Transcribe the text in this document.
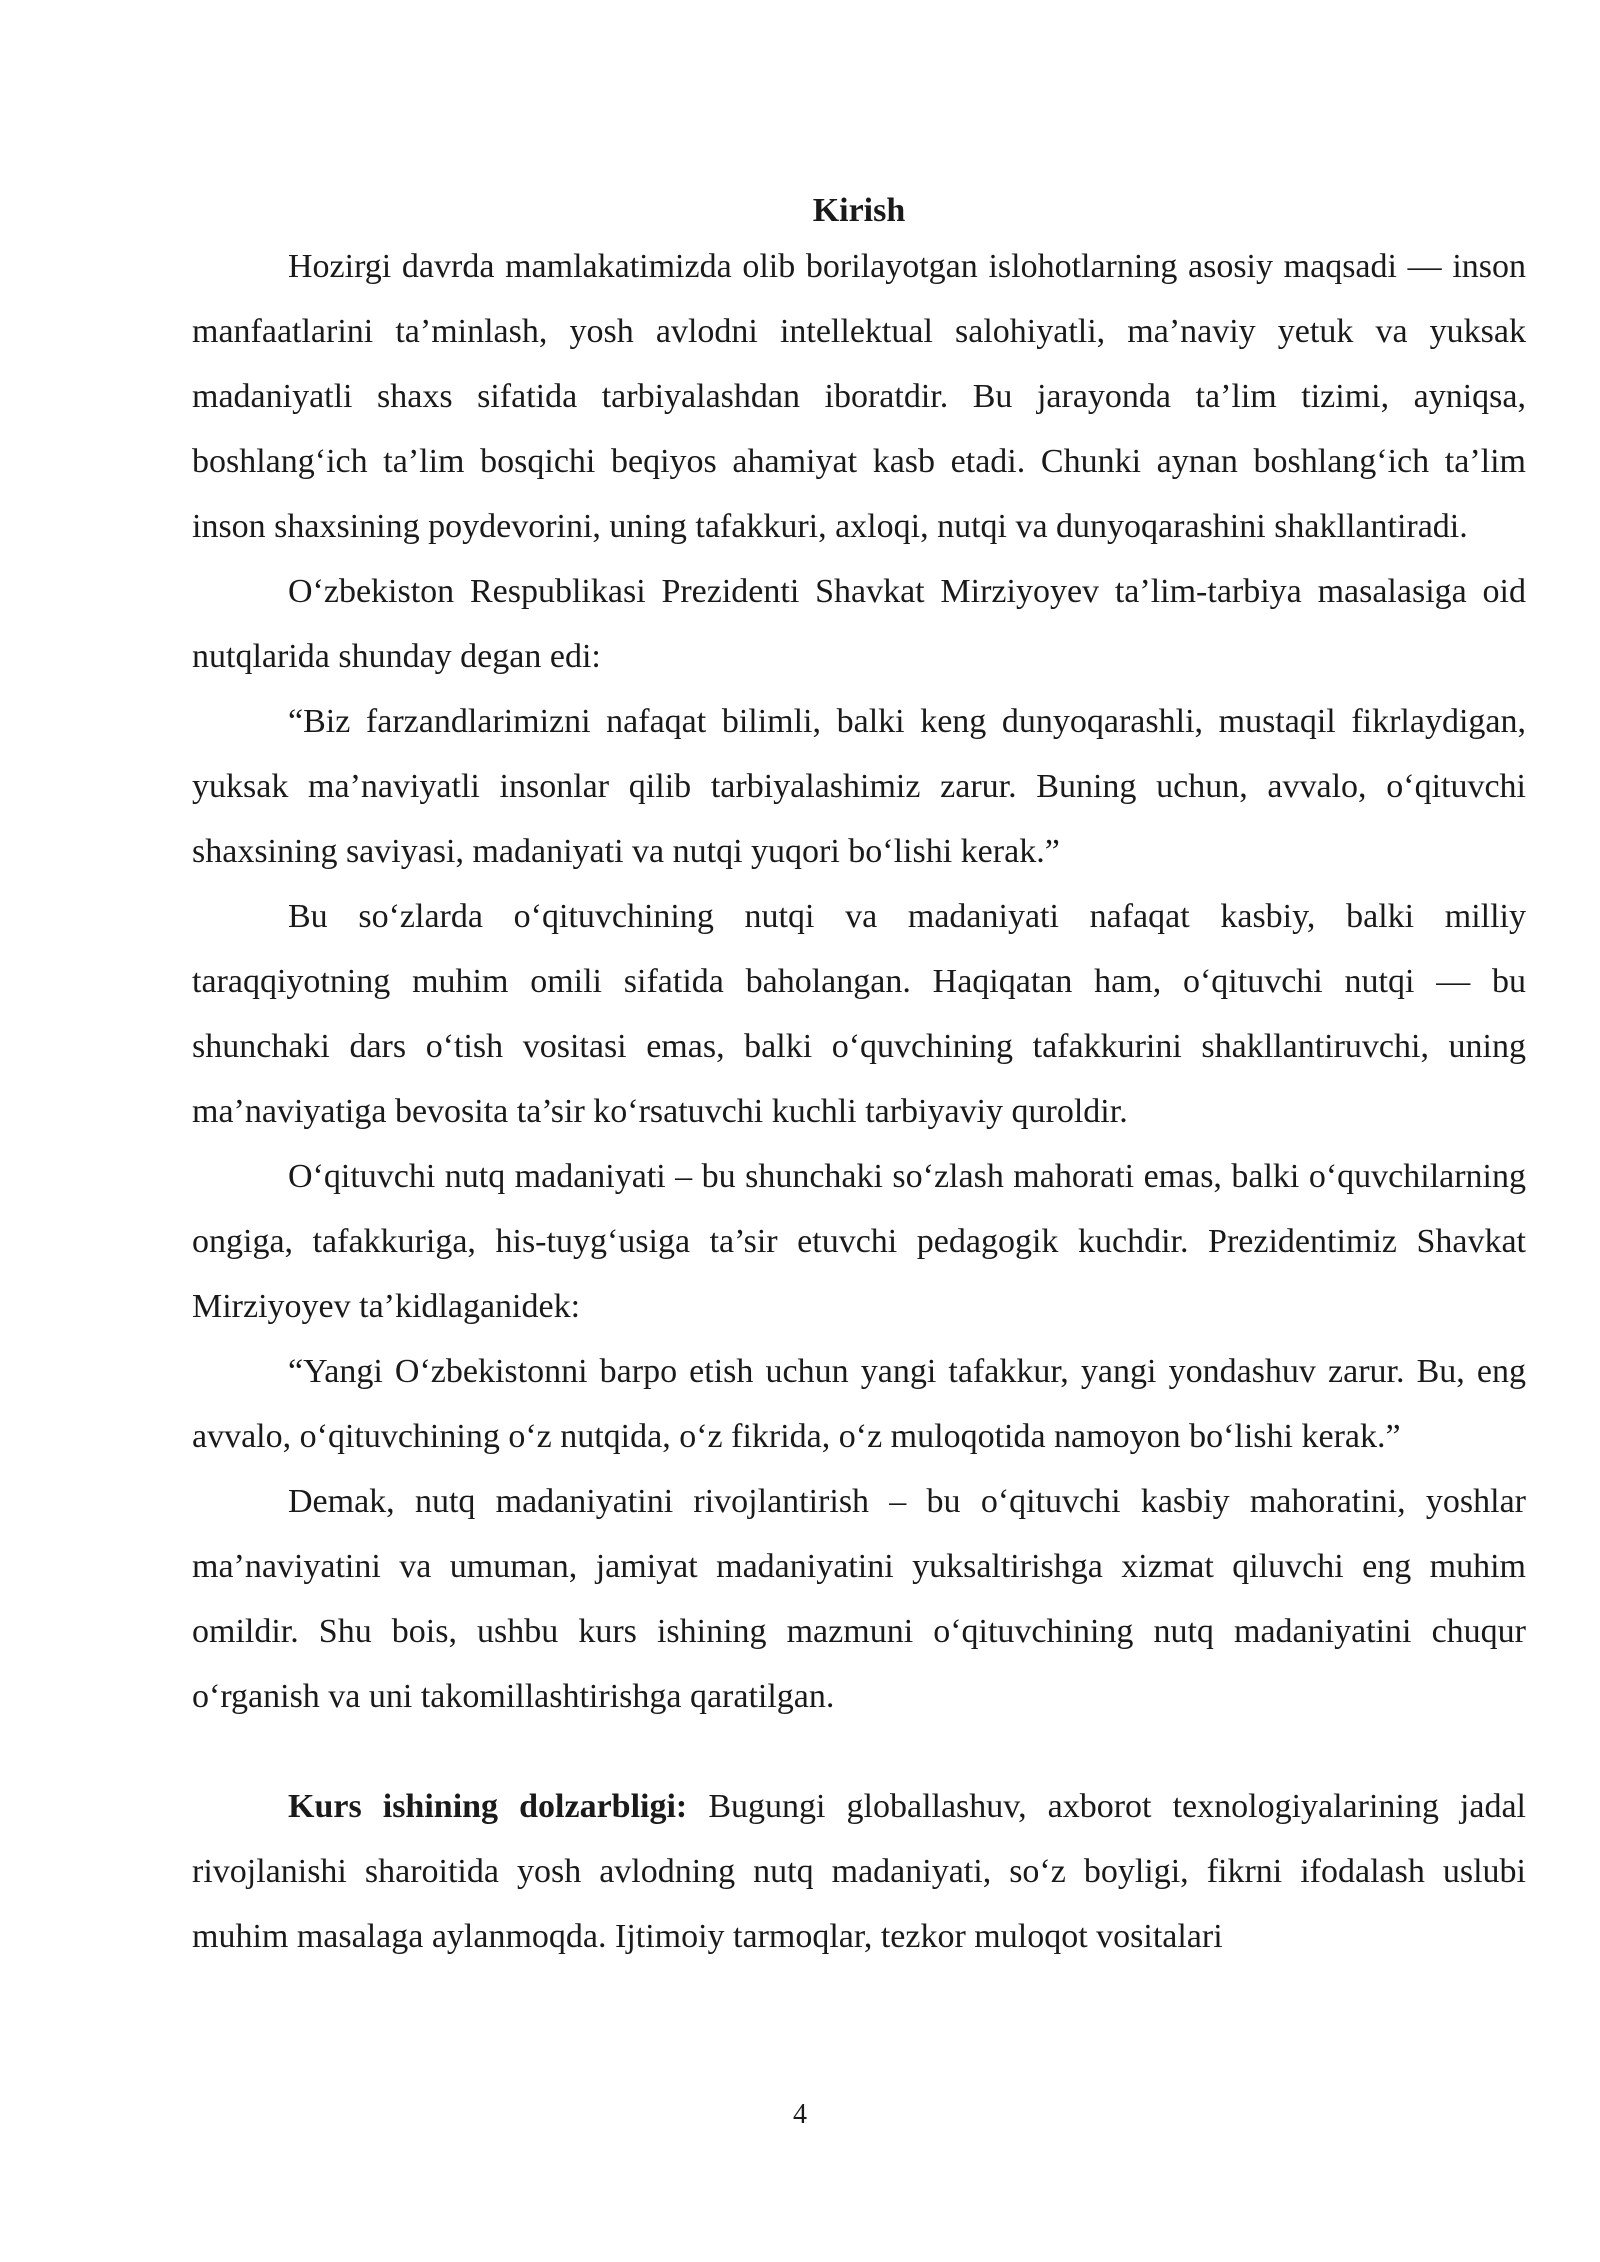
Kirish

Hozirgi davrda mamlakatimizda olib borilayotgan islohotlarning asosiy maqsadi — inson manfaatlarini ta’minlash, yosh avlodni intellektual salohiyatli, ma’naviy yetuk va yuksak madaniyatli shaxs sifatida tarbiyalashdan iboratdir. Bu jarayonda ta’lim tizimi, ayniqsa, boshlang‘ich ta’lim bosqichi beqiyos ahamiyat kasb etadi. Chunki aynan boshlang‘ich ta’lim inson shaxsining poydevorini, uning tafakkuri, axloqi, nutqi va dunyoqarashini shakllantiradi.

O‘zbekiston Respublikasi Prezidenti Shavkat Mirziyoyev ta’lim-tarbiya masalasiga oid nutqlarida shunday degan edi:

“Biz farzandlarimizni nafaqat bilimli, balki keng dunyoqarashli, mustaqil fikrlaydigan, yuksak ma’naviyatli insonlar qilib tarbiyalashimiz zarur. Buning uchun, avvalo, o‘qituvchi shaxsining saviyasi, madaniyati va nutqi yuqori bo‘lishi kerak.”

Bu so‘zlarda o‘qituvchining nutqi va madaniyati nafaqat kasbiy, balki milliy taraqqiyotning muhim omili sifatida baholangan. Haqiqatan ham, o‘qituvchi nutqi — bu shunchaki dars o‘tish vositasi emas, balki o‘quvchining tafakkurini shakllantiruvchi, uning ma’naviyatiga bevosita ta’sir ko‘rsatuvchi kuchli tarbiyaviy quroldir.

O‘qituvchi nutq madaniyati – bu shunchaki so‘zlash mahorati emas, balki o‘quvchilarning ongiga, tafakkuriga, his-tuyg‘usiga ta’sir etuvchi pedagogik kuchdir. Prezidentimiz Shavkat Mirziyoyev ta’kidlaganidek:

“Yangi O‘zbekistonni barpo etish uchun yangi tafakkur, yangi yondashuv zarur. Bu, eng avvalo, o‘qituvchining o‘z nutqida, o‘z fikrida, o‘z muloqotida namoyon bo‘lishi kerak.”

Demak, nutq madaniyatini rivojlantirish – bu o‘qituvchi kasbiy mahoratini, yoshlar ma’naviyatini va umuman, jamiyat madaniyatini yuksaltirishga xizmat qiluvchi eng muhim omildir. Shu bois, ushbu kurs ishining mazmuni o‘qituvchining nutq madaniyatini chuqur o‘rganish va uni takomillashtirishga qaratilgan.

Kurs ishining dolzarbligi: Bugungi globallashuv, axborot texnologiyalarining jadal rivojlanishi sharoitida yosh avlodning nutq madaniyati, so‘z boyligi, fikrni ifodalash uslubi muhim masalaga aylanmoqda. Ijtimoiy tarmoqlar, tezkor muloqot vositalari

4
